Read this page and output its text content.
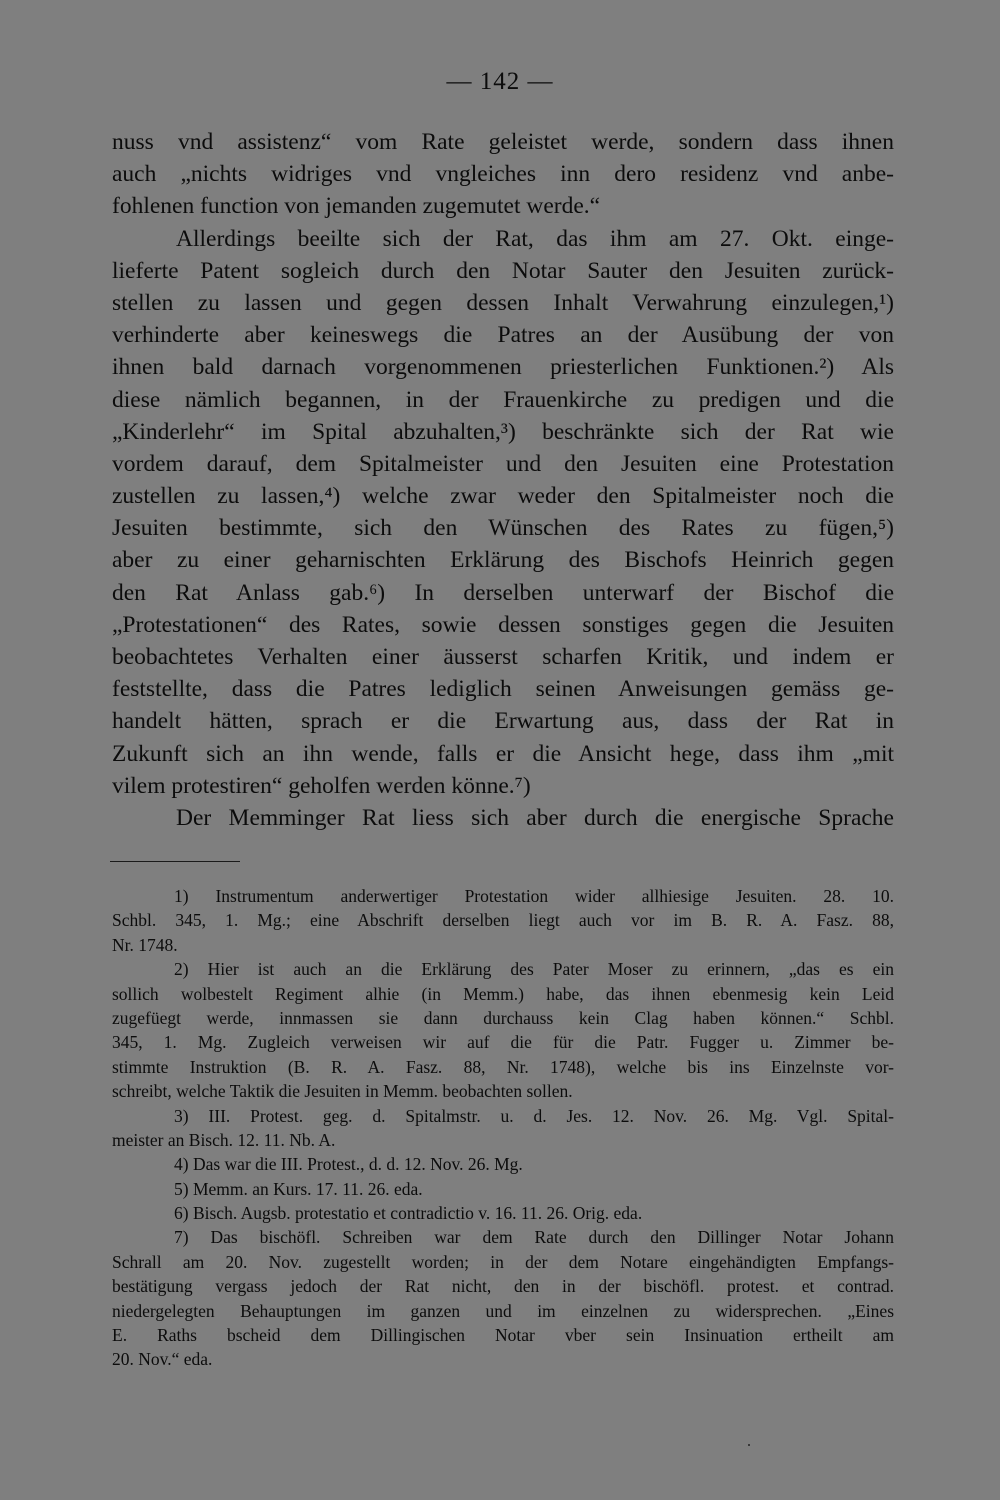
— 142 —
nuss vnd assistenz“ vom Rate geleistet werde, sondern dass ihnen
auch „nichts widriges vnd vngleiches inn dero residenz vnd anbe-
fohlenen function von jemanden zugemutet werde.“
Allerdings beeilte sich der Rat, das ihm am 27. Okt. einge-
lieferte Patent sogleich durch den Notar Sauter den Jesuiten zurück-
stellen zu lassen und gegen dessen Inhalt Verwahrung einzulegen,¹)
verhinderte aber keineswegs die Patres an der Ausübung der von
ihnen bald darnach vorgenommenen priesterlichen Funktionen.²) Als
diese nämlich begannen, in der Frauenkirche zu predigen und die
„Kinderlehr“ im Spital abzuhalten,³) beschränkte sich der Rat wie
vordem darauf, dem Spitalmeister und den Jesuiten eine Protestation
zustellen zu lassen,⁴) welche zwar weder den Spitalmeister noch die
Jesuiten bestimmte, sich den Wünschen des Rates zu fügen,⁵)
aber zu einer geharnischten Erklärung des Bischofs Heinrich gegen
den Rat Anlass gab.⁶) In derselben unterwarf der Bischof die
„Protestationen“ des Rates, sowie dessen sonstiges gegen die Jesuiten
beobachtetes Verhalten einer äusserst scharfen Kritik, und indem er
feststellte, dass die Patres lediglich seinen Anweisungen gemäss ge-
handelt hätten, sprach er die Erwartung aus, dass der Rat in
Zukunft sich an ihn wende, falls er die Ansicht hege, dass ihm „mit
vilem protestiren“ geholfen werden könne.⁷)
Der Memminger Rat liess sich aber durch die energische Sprache
1) Instrumentum anderwertiger Protestation wider allhiesige Jesuiten. 28. 10.
Schbl. 345, 1. Mg.; eine Abschrift derselben liegt auch vor im B. R. A. Fasz. 88,
Nr. 1748.
2) Hier ist auch an die Erklärung des Pater Moser zu erinnern, „das es ein
sollich wolbestelt Regiment alhie (in Memm.) habe, das ihnen ebenmesig kein Leid
zugefüegt werde, innmassen sie dann durchauss kein Clag haben können.“ Schbl.
345, 1. Mg. Zugleich verweisen wir auf die für die Patr. Fugger u. Zimmer be-
stimmte Instruktion (B. R. A. Fasz. 88, Nr. 1748), welche bis ins Einzelnste vor-
schreibt, welche Taktik die Jesuiten in Memm. beobachten sollen.
3) III. Protest. geg. d. Spitalmstr. u. d. Jes. 12. Nov. 26. Mg. Vgl. Spital-
meister an Bisch. 12. 11. Nb. A.
4) Das war die III. Protest., d. d. 12. Nov. 26. Mg.
5) Memm. an Kurs. 17. 11. 26. eda.
6) Bisch. Augsb. protestatio et contradictio v. 16. 11. 26. Orig. eda.
7) Das bischöfl. Schreiben war dem Rate durch den Dillinger Notar Johann
Schrall am 20. Nov. zugestellt worden; in der dem Notare eingehändigten Empfangs-
bestätigung vergass jedoch der Rat nicht, den in der bischöfl. protest. et contrad.
niedergelegten Behauptungen im ganzen und im einzelnen zu widersprechen. „Eines
E. Raths bscheid dem Dillingischen Notar vber sein Insinuation ertheilt am
20. Nov.“ eda.
